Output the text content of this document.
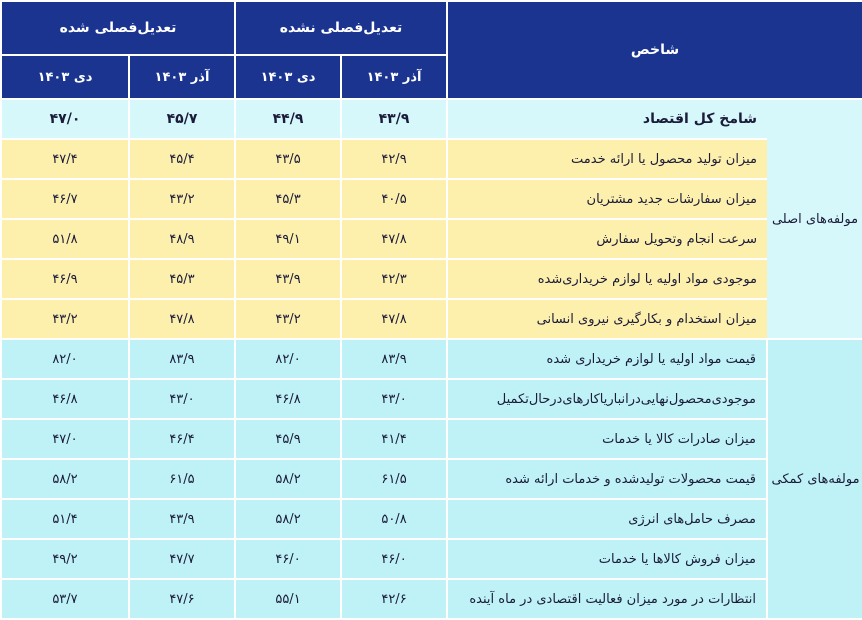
شاخص		تعدیل‌فصلی نشده		تعدیل‌فصلی شده	
		آذر ۱۴۰۳	دی ۱۴۰۳	آذر ۱۴۰۳	دی ۱۴۰۳
مولفه‌های اصلی	شامخ کل اقتصاد	۴۳/۹	۴۴/۹	۴۵/۷	۴۷/۰
	میزان تولید محصول یا ارائه خدمت	۴۲/۹	۴۳/۵	۴۵/۴	۴۷/۴
	میزان سفارشات جدید مشتریان	۴۰/۵	۴۵/۳	۴۳/۲	۴۶/۷
	سرعت انجام وتحویل سفارش	۴۷/۸	۴۹/۱	۴۸/۹	۵۱/۸
	موجودی مواد اولیه یا لوازم خریداری‌شده	۴۲/۳	۴۳/۹	۴۵/۳	۴۶/۹
	میزان استخدام و بکارگیری نیروی انسانی	۴۷/۸	۴۳/۲	۴۷/۸	۴۳/۲
مولفه‌های کمکی	قیمت مواد اولیه یا لوازم خریداری شده	۸۳/۹	۸۲/۰	۸۳/۹	۸۲/۰
	موجودی‌محصول‌نهایی‌درانباریاکارهای‌درحال‌تکمیل	۴۳/۰	۴۶/۸	۴۳/۰	۴۶/۸
	میزان صادرات کالا یا خدمات	۴۱/۴	۴۵/۹	۴۶/۴	۴۷/۰
	قیمت محصولات تولیدشده و خدمات ارائه شده	۶۱/۵	۵۸/۲	۶۱/۵	۵۸/۲
	مصرف حامل‌های انرژی	۵۰/۸	۵۸/۲	۴۳/۹	۵۱/۴
	میزان فروش کالاها یا خدمات	۴۶/۰	۴۶/۰	۴۷/۷	۴۹/۲
	انتظارات در مورد میزان فعالیت اقتصادی در ماه آینده	۴۲/۶	۵۵/۱	۴۷/۶	۵۳/۷
